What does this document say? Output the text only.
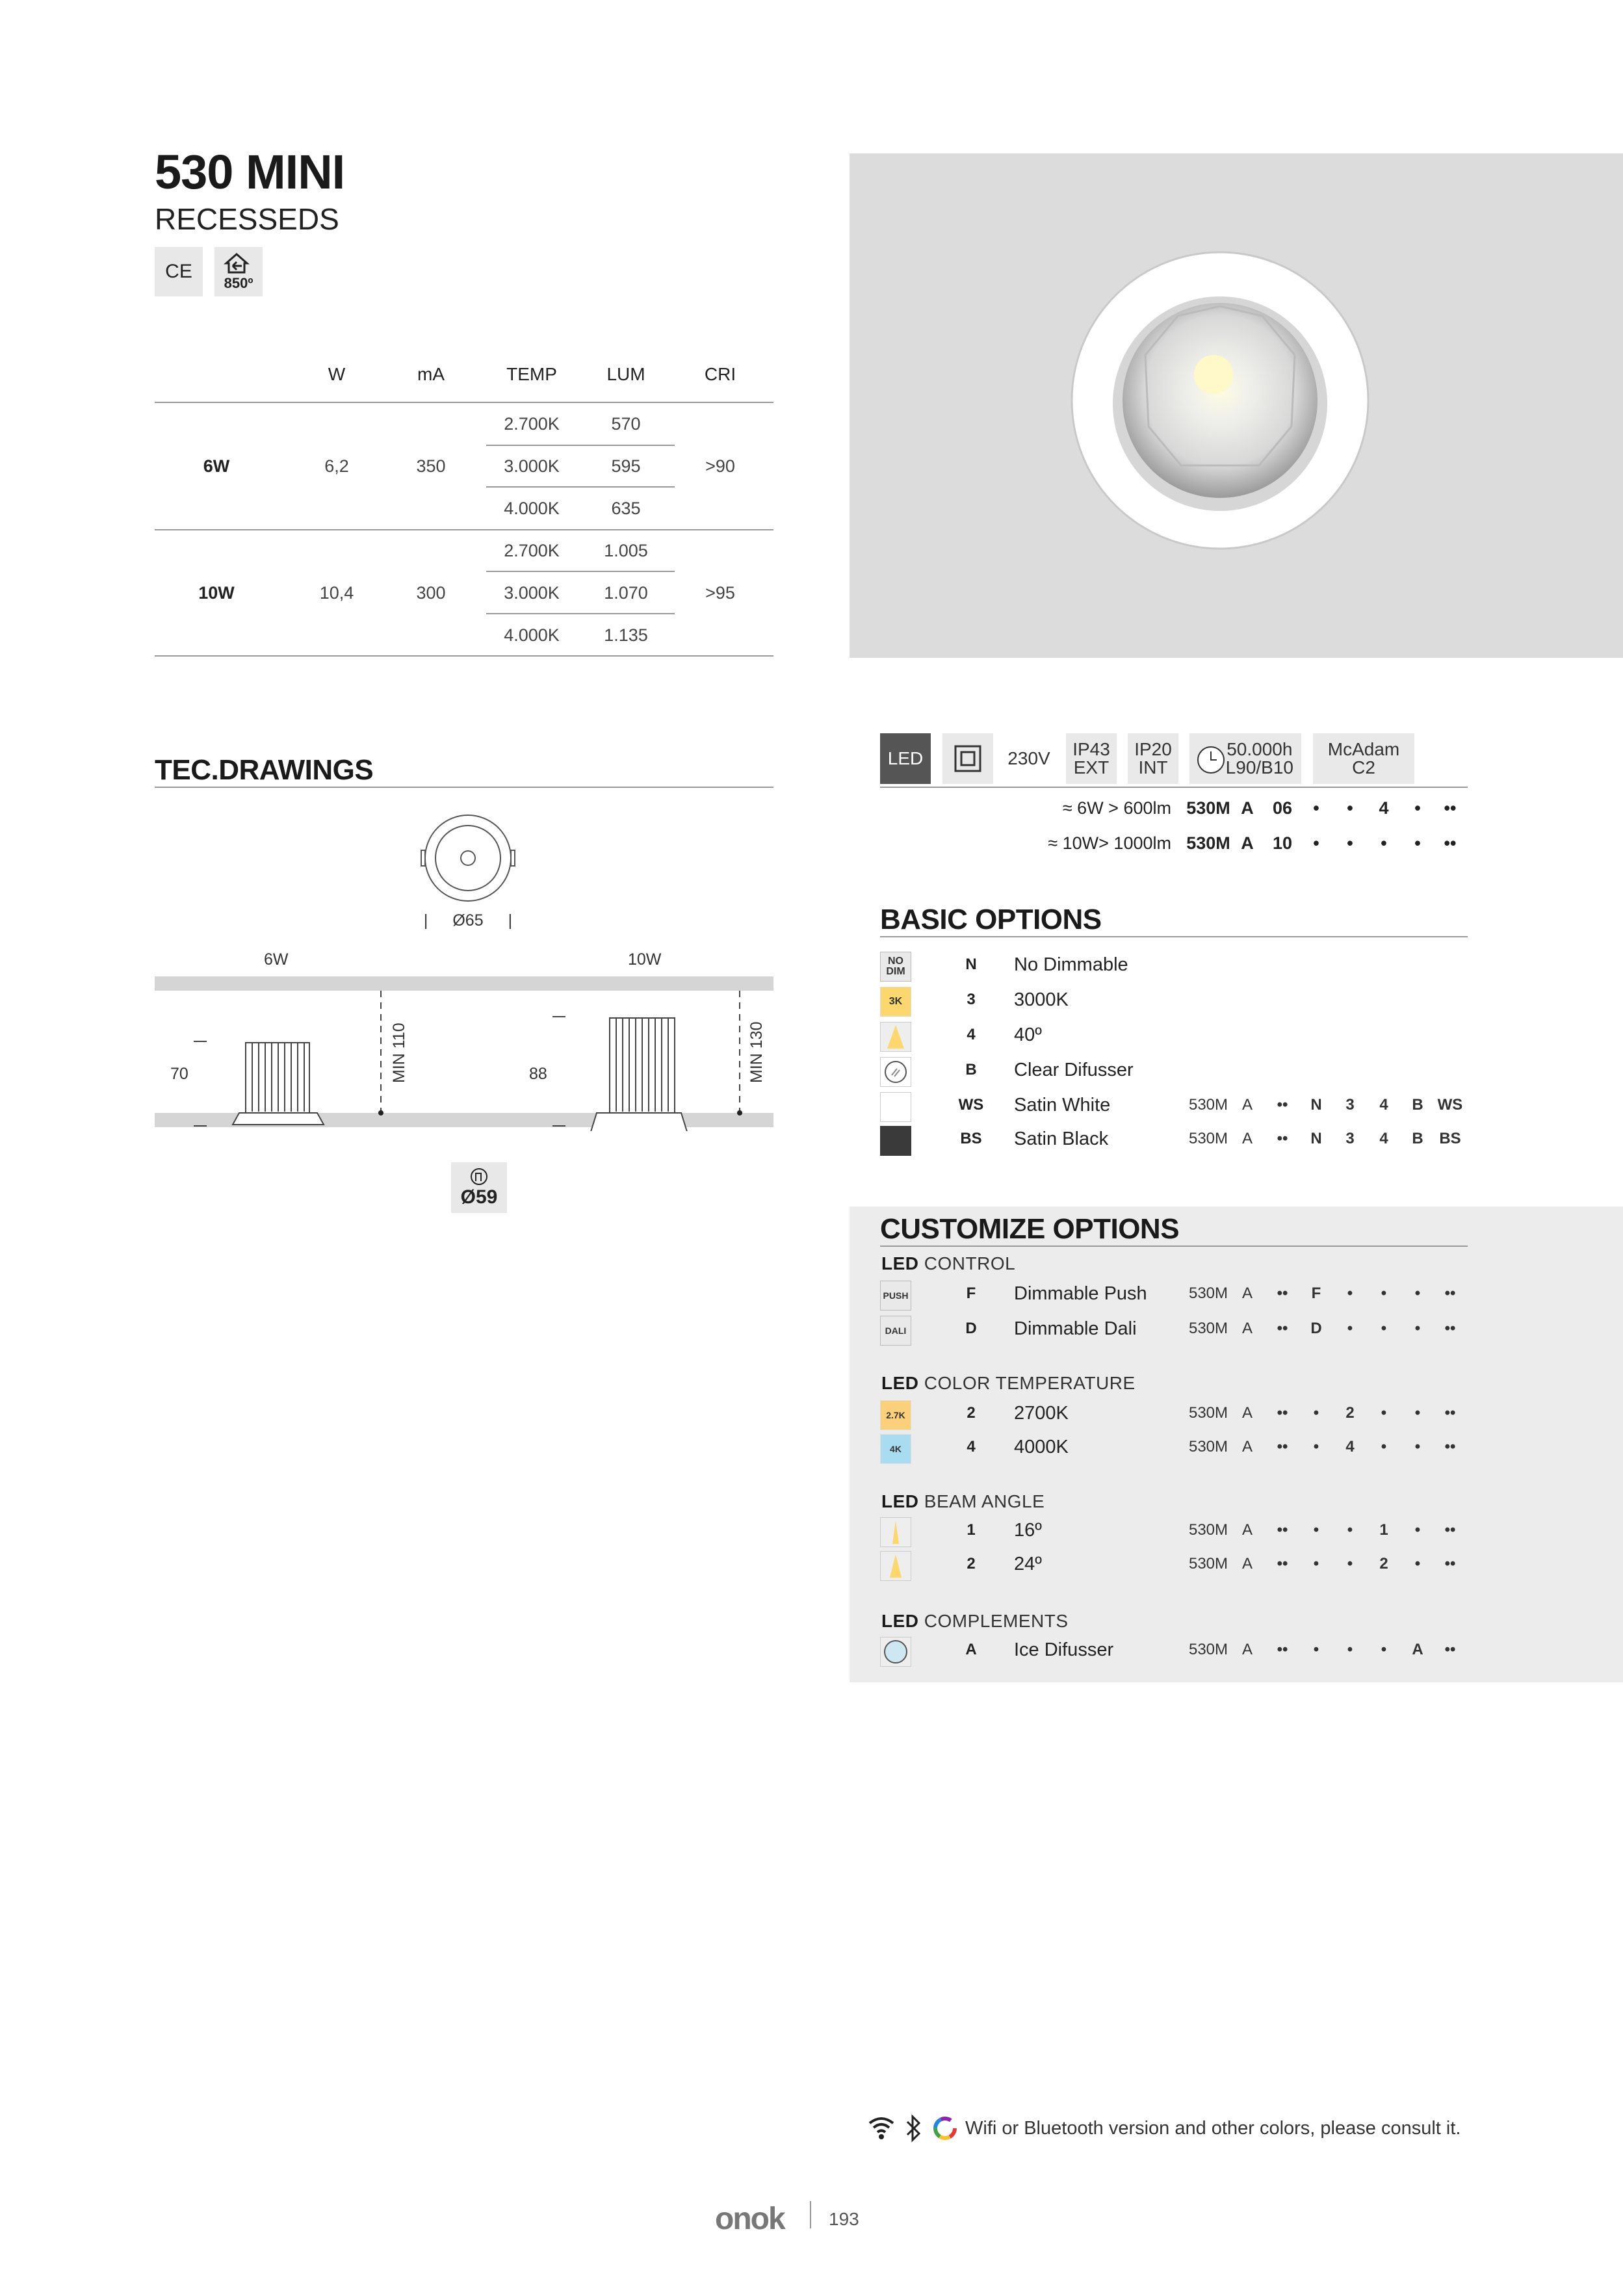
530 MINI
RECESSEDS
CE
850º
W	mA	TEMP	LUM	CRI
6W	6,2	350	>90
2.700K	570
3.000K	595
4.000K	635
10W	10,4	300	>95
2.700K	1.005
3.000K	1.070
4.000K	1.135
TEC.DRAWINGS
| Ø65 |
6W	10W
70	88
MIN 110	MIN 130
Ø59
LED	230V IP43
EXT
IP20
INT
50.000h
L90/B10
McAdam
C2
≈ 6W > 600lm 530M A	06	•	•	4	•	••
≈ 10W> 1000lm 530M A	10	•	•	•	•	••
BASIC OPTIONS
NO DIM	N	No Dimmable
3K	3	3000K
4	40º
B	Clear Difusser
WS	Satin White	530M A	••	N	3	4	B WS
BS	Satin Black	530M A	••	N	3	4	B	BS
CUSTOMIZE OPTIONS
LED CONTROL
PUSH	F	Dimmable Push	530M A	••	F	•	•	•	••
DALI	D	Dimmable Dali	530M A	••	D	•	•	•	••
LED COLOR TEMPERATURE
2.7K	2	2700K	530M A	••	•	2	•	•	••
4K	4	4000K	530M A	••	•	4	•	•	••
LED BEAM ANGLE
1	16º	530M A	••	•	•	1	•	••
2	24º	530M A	••	•	•	2	•	••
LED COMPLEMENTS
A	Ice Difusser	530M A	••	•	•	•	A	••
Wifi or Bluetooth version and other colors, please consult it.
onok 193
